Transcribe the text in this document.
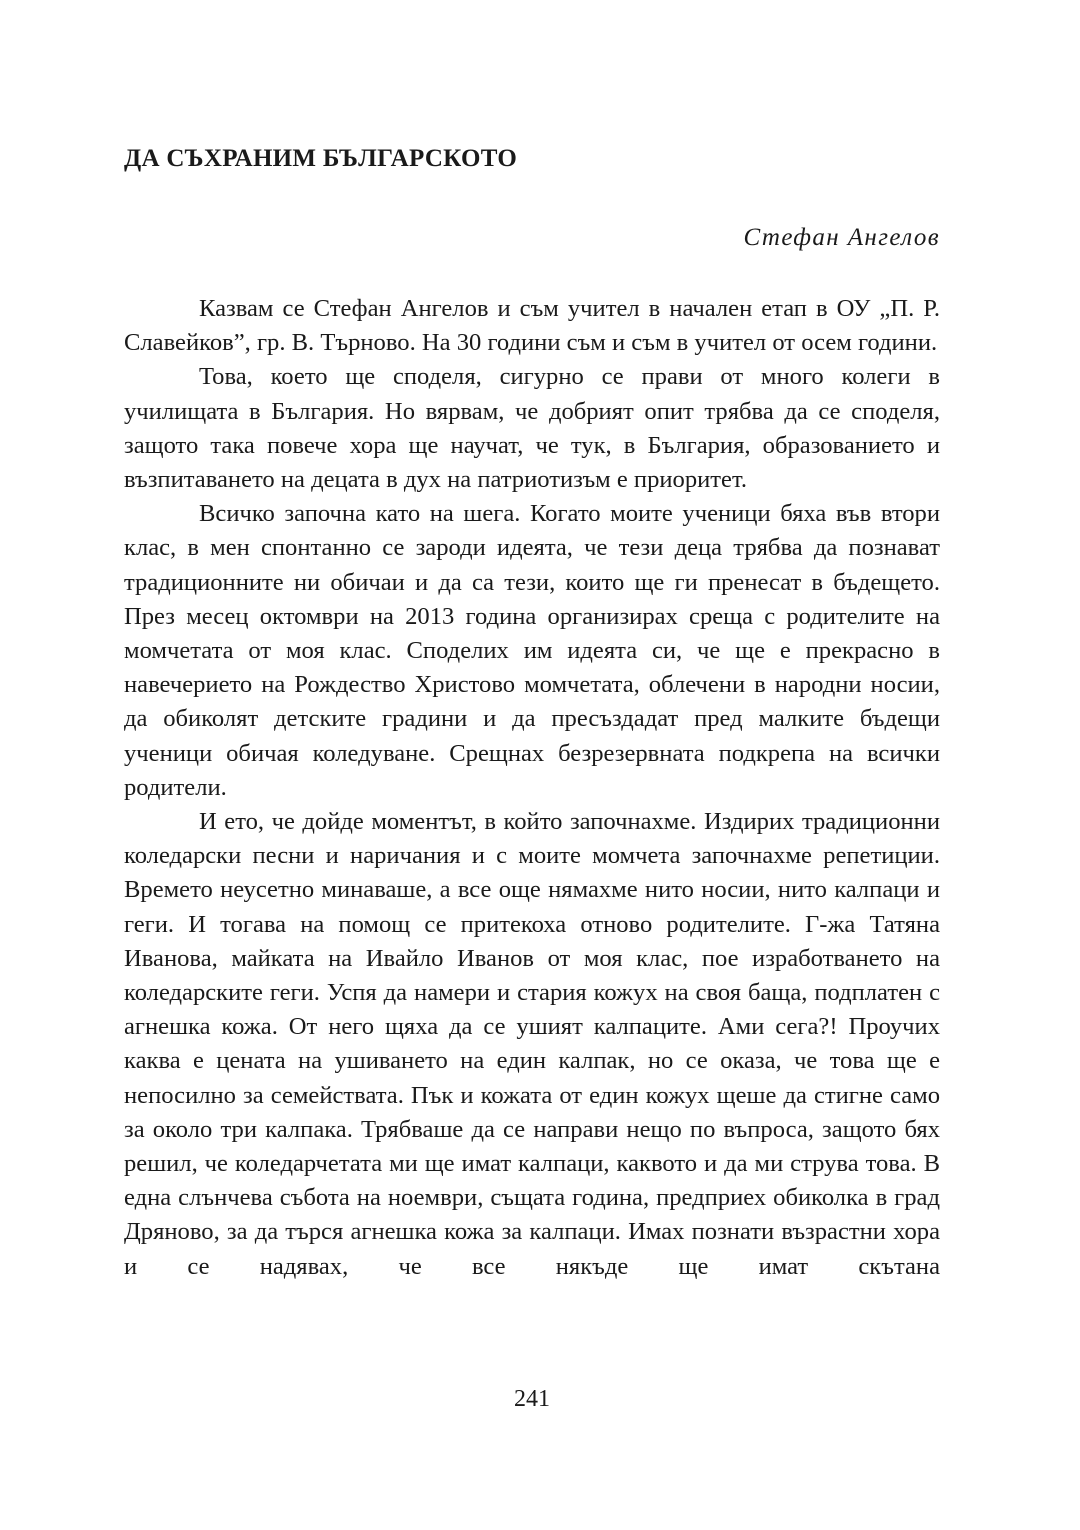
ДА СЪХРАНИМ БЪЛГАРСКОТО
Стефан Ангелов

Казвам се Стефан Ангелов и съм учител в начален етап в ОУ „П. Р. Славейков”, гр. В. Търново. На 30 години съм и съм в учител от осем години.

Това, което ще споделя, сигурно се прави от много колеги в училищата в България. Но вярвам, че добрият опит трябва да се споделя, защото така повече хора ще научат, че тук, в България, образованието и възпитаването на децата в дух на патриотизъм е приоритет.

Всичко започна като на шега. Когато моите ученици бяха във втори клас, в мен спонтанно се зароди идеята, че тези деца трябва да познават традиционните ни обичаи и да са тези, които ще ги пренесат в бъдещето. През месец октомври на 2013 година организирах среща с родителите на момчетата от моя клас. Споделих им идеята си, че ще е прекрасно в навечерието на Рождество Христово момчетата, облечени в народни носии, да обиколят детските градини и да пресъздадат пред малките бъдещи ученици обичая коледуване. Срещнах безрезервната подкрепа на всички родители.

И ето, че дойде моментът, в който започнахме. Издирих традиционни коледарски песни и наричания и с моите момчета започнахме репетиции. Времето неусетно минаваше, а все още нямахме нито носии, нито калпаци и геги. И тогава на помощ се притекоха отново родителите. Г-жа Татяна Иванова, майката на Ивайло Иванов от моя клас, пое изработването на коледарските геги. Успя да намери и стария кожух на своя баща, подплатен с агнешка кожа. От него щяха да се ушият калпаците. Ами сега?! Проучих каква е цената на ушиването на един калпак, но се оказа, че това ще е непосилно за семействата. Пък и кожата от един кожух щеше да стигне само за около три калпака. Трябваше да се направи нещо по въпроса, защото бях решил, че коледарчетата ми ще имат калпаци, каквото и да ми струва това. В една слънчева събота на ноември, същата година, предприех обиколка в град Дряново, за да търся агнешка кожа за калпаци. Имах познати възрастни хора и се надявах, че все някъде ще имат скътана

241
